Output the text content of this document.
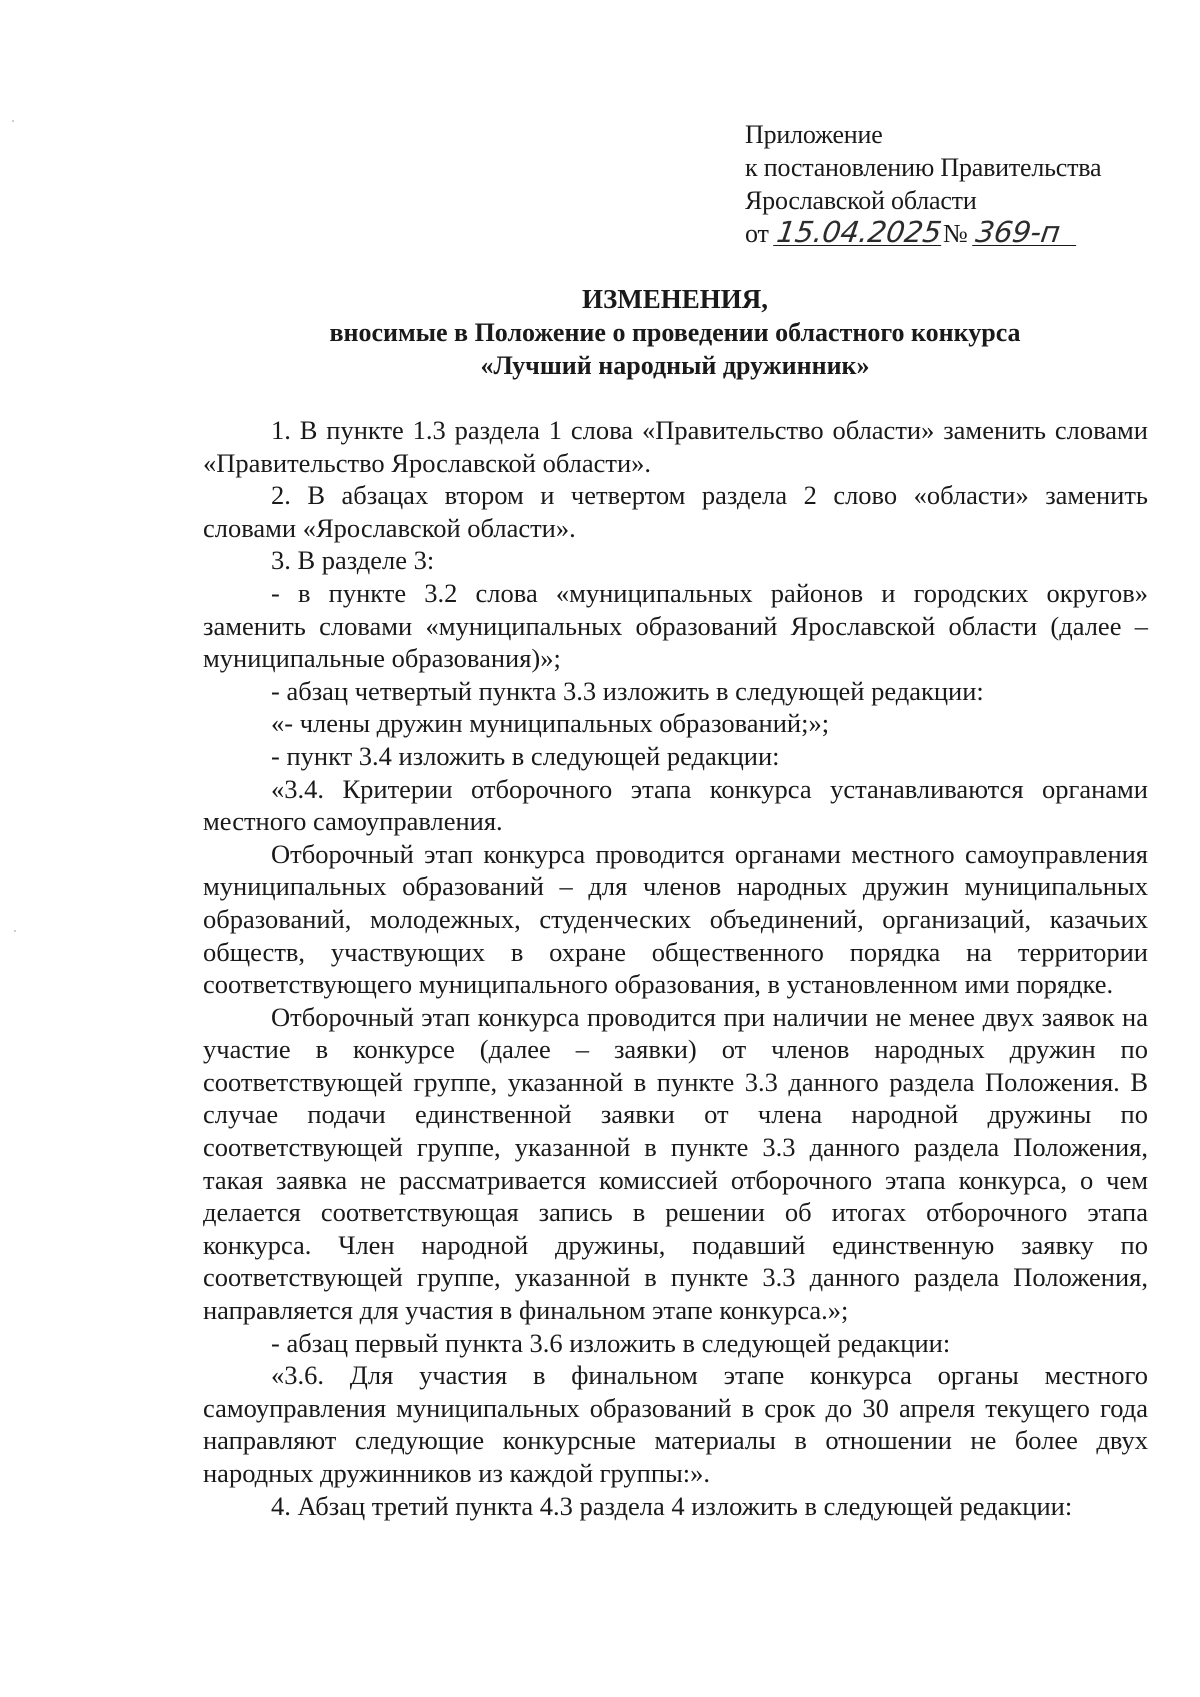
Приложение
к постановлению Правительства
Ярославской области
от 15.04.2025№ 369-п
ИЗМЕНЕНИЯ,
вносимые в Положение о проведении областного конкурса
«Лучший народный дружинник»

1. В пункте 1.3 раздела 1 слова «Правительство области» заменить словами «Правительство Ярославской области».

2. В абзацах втором и четвертом раздела 2 слово «области» заменить словами «Ярославской области».

3. В разделе 3:

- в пункте 3.2 слова «муниципальных районов и городских округов» заменить словами «муниципальных образований Ярославской области (далее – муниципальные образования)»;

- абзац четвертый пункта 3.3 изложить в следующей редакции:

«- члены дружин муниципальных образований;»;

- пункт 3.4 изложить в следующей редакции:

«3.4. Критерии отборочного этапа конкурса устанавливаются органами местного самоуправления.

Отборочный этап конкурса проводится органами местного самоуправления муниципальных образований – для членов народных дружин муниципальных образований, молодежных, студенческих объединений, организаций, казачьих обществ, участвующих в охране общественного порядка на территории соответствующего муниципального образования, в установленном ими порядке.

Отборочный этап конкурса проводится при наличии не менее двух заявок на участие в конкурсе (далее – заявки) от членов народных дружин по соответствующей группе, указанной в пункте 3.3 данного раздела Положения. В случае подачи единственной заявки от члена народной дружины по соответствующей группе, указанной в пункте 3.3 данного раздела Положения, такая заявка не рассматривается комиссией отборочного этапа конкурса, о чем делается соответствующая запись в решении об итогах отборочного этапа конкурса. Член народной дружины, подавший единственную заявку по соответствующей группе, указанной в пункте 3.3 данного раздела Положения, направляется для участия в финальном этапе конкурса.»;

- абзац первый пункта 3.6 изложить в следующей редакции:

«3.6. Для участия в финальном этапе конкурса органы местного самоуправления муниципальных образований в срок до 30 апреля текущего года направляют следующие конкурсные материалы в отношении не более двух народных дружинников из каждой группы:».

4. Абзац третий пункта 4.3 раздела 4 изложить в следующей редакции:
